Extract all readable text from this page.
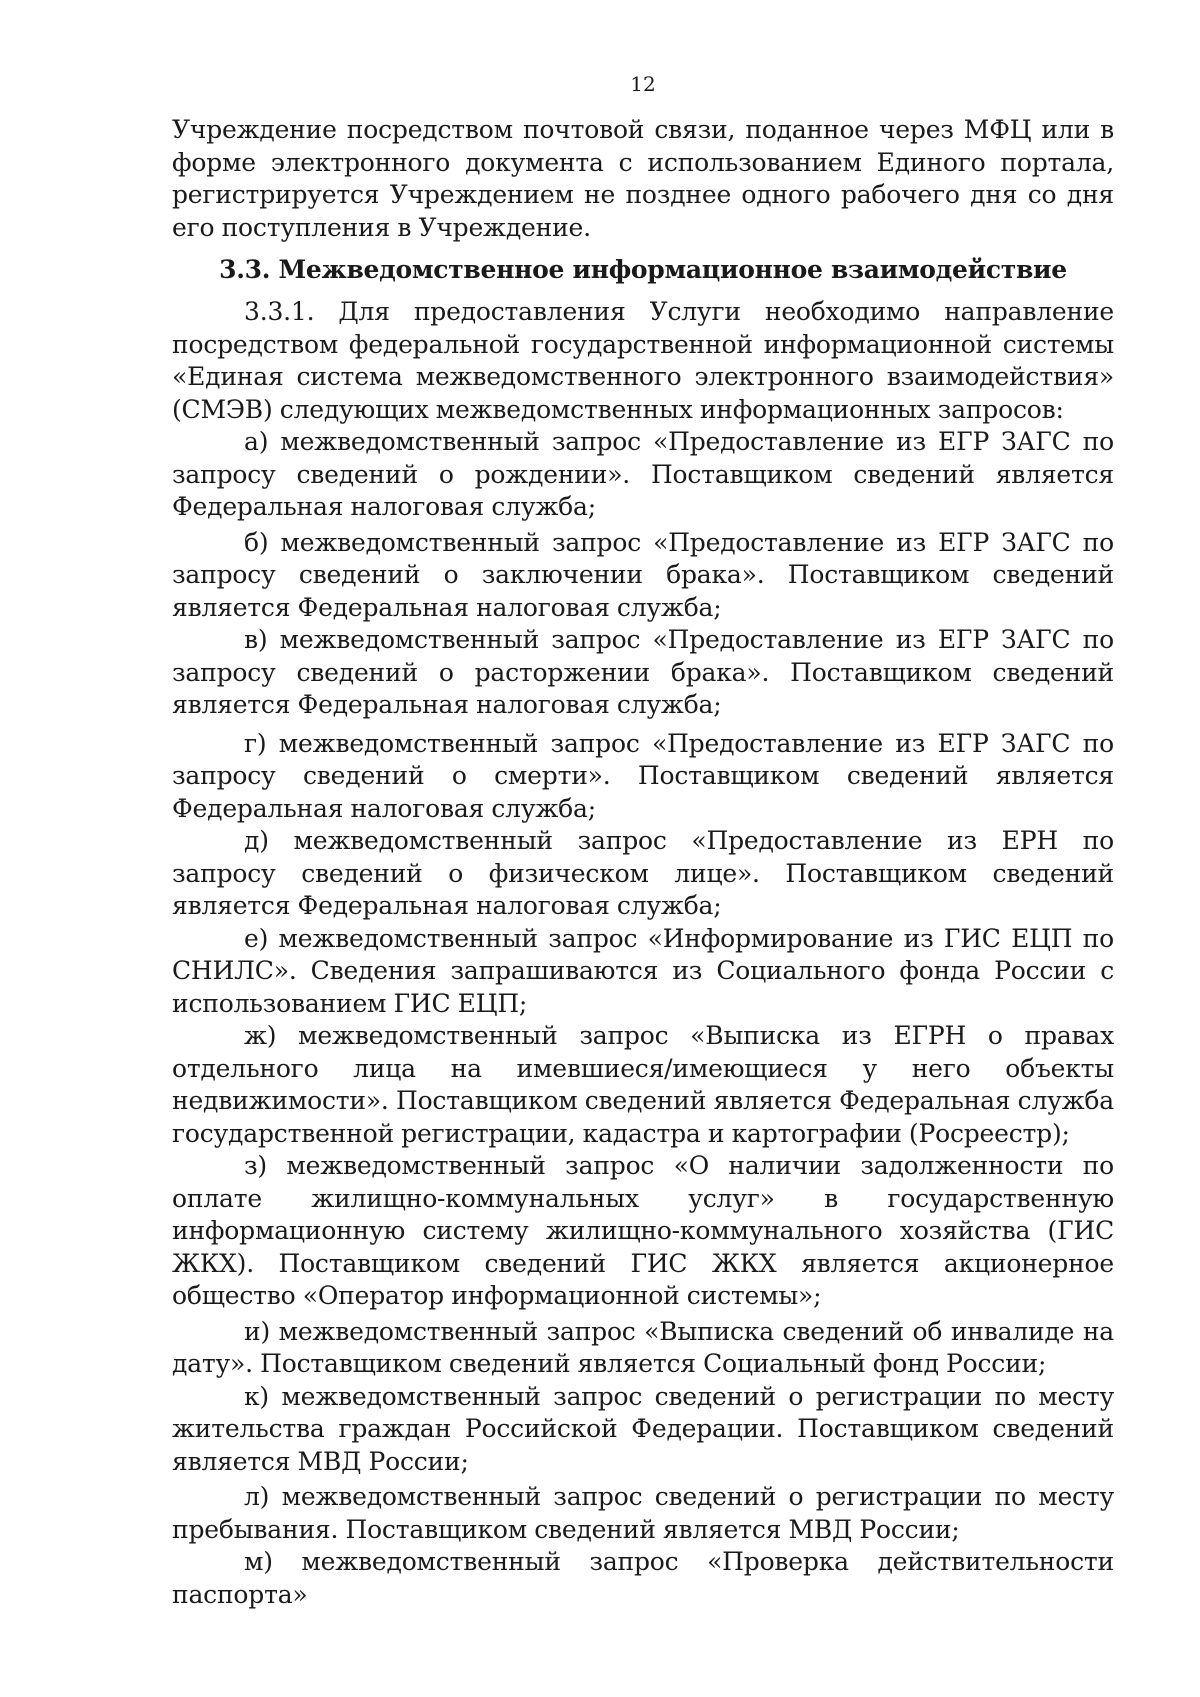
12

Учреждение посредством почтовой связи, поданное через МФЦ или в форме электронного документа с использованием Единого портала, регистрируется Учреждением не позднее одного рабочего дня со дня его поступления в Учреждение.

3.3. Межведомственное информационное взаимодействие

3.3.1. Для предоставления Услуги необходимо направление посредством федеральной государственной информационной системы «Единая система межведомственного электронного взаимодействия» (СМЭВ) следующих межведомственных информационных запросов:

а) межведомственный запрос «Предоставление из ЕГР ЗАГС по запросу сведений о рождении». Поставщиком сведений является Федеральная налоговая служба;

б) межведомственный запрос «Предоставление из ЕГР ЗАГС по запросу сведений о заключении брака». Поставщиком сведений является Федеральная налоговая служба;

в) межведомственный запрос «Предоставление из ЕГР ЗАГС по запросу сведений о расторжении брака». Поставщиком сведений является Федеральная налоговая служба;

г) межведомственный запрос «Предоставление из ЕГР ЗАГС по запросу сведений о смерти». Поставщиком сведений является Федеральная налоговая служба;

д) межведомственный запрос «Предоставление из ЕРН по запросу сведений о физическом лице». Поставщиком сведений является Федеральная налоговая служба;

е) межведомственный запрос «Информирование из ГИС ЕЦП по СНИЛС». Сведения запрашиваются из Социального фонда России с использованием ГИС ЕЦП;

ж) межведомственный запрос «Выписка из ЕГРН о правах отдельного лица на имевшиеся/имеющиеся у него объекты недвижимости». Поставщиком сведений является Федеральная служба государственной регистрации, кадастра и картографии (Росреестр);

з) межведомственный запрос «О наличии задолженности по оплате жилищно-коммунальных услуг» в государственную информационную систему жилищно-коммунального хозяйства (ГИС ЖКХ). Поставщиком сведений ГИС ЖКХ является акционерное общество «Оператор информационной системы»;

и) межведомственный запрос «Выписка сведений об инвалиде на дату». Поставщиком сведений является Социальный фонд России;

к) межведомственный запрос сведений о регистрации по месту жительства граждан Российской Федерации. Поставщиком сведений является МВД России;

л) межведомственный запрос сведений о регистрации по месту пребывания. Поставщиком сведений является МВД России;

м) межведомственный запрос «Проверка действительности паспорта»
